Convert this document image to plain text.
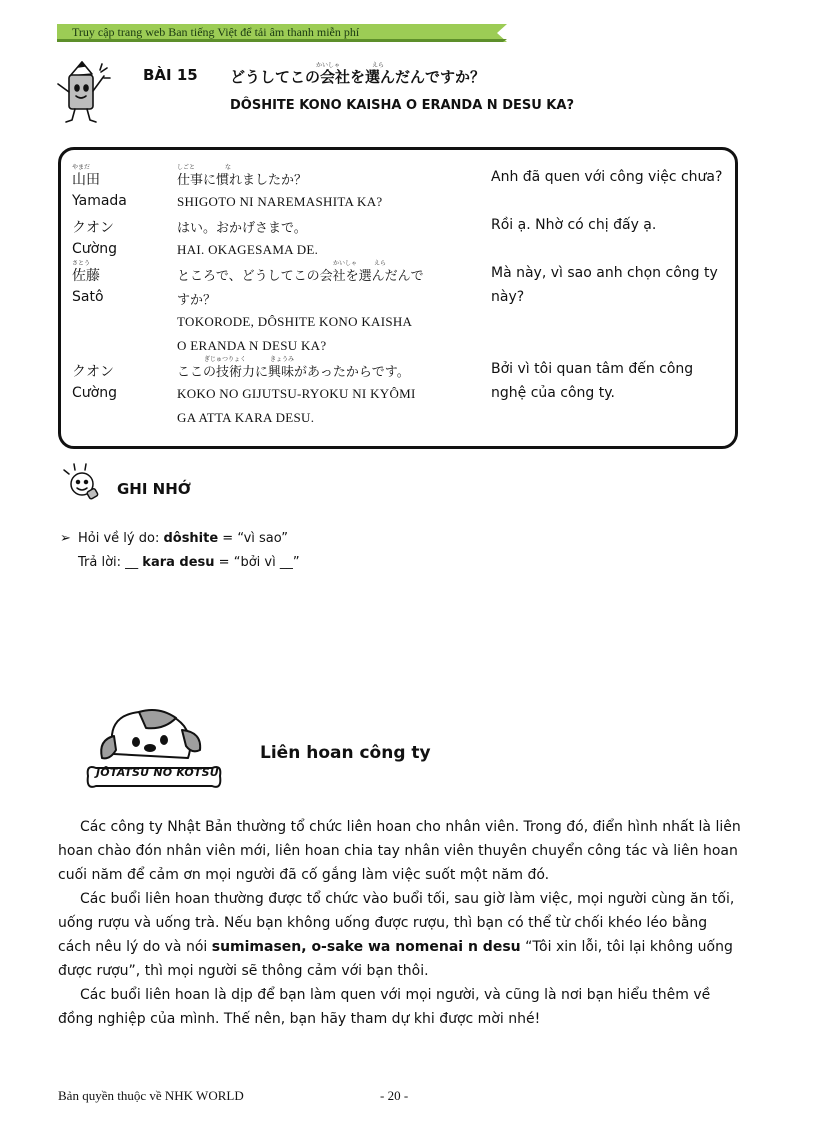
Truy cập trang web Ban tiếng Việt để tải âm thanh miễn phí
BÀI 15
かいしゃ	えら
どうしてこの会社を選んだんですか？
DÔSHITE KONO KAISHA O ERANDA N DESU KA?
やまだ	しごと	な
山田	仕事に慣れましたか？	Anh đã quen với công việc chưa?
Yamada	SHIGOTO NI NAREMASHITA KA?
クオン	はい。おかげさまで。	Rồi ạ. Nhờ có chị đấy ạ.
Cường	HAI. OKAGESAMA DE.
さとう	かいしゃ	えら
佐藤	ところで、どうしてこの会社を選んだんで	Mà này, vì sao anh chọn công ty
Satô	すか？	này?
TOKORODE, DÔSHITE KONO KAISHA
O ERANDA N DESU KA?
ぎじゅつりょく	きょうみ
クオン	ここの技術力に興味があったからです。	Bởi vì tôi quan tâm đến công
Cường	KOKO NO GIJUTSU-RYOKU NI KYÔMI	nghệ của công ty.
GA ATTA KARA DESU.
GHI NHỚ
➢ Hỏi về lý do: dôshite = “vì sao”
Trả lời: __ kara desu = “bởi vì __”
JÔTATSU NO KOTSU
Liên hoan công ty
Các công ty Nhật Bản thường tổ chức liên hoan cho nhân viên. Trong đó, điển hình nhất là liên
hoan chào đón nhân viên mới, liên hoan chia tay nhân viên thuyên chuyển công tác và liên hoan
cuối năm để cảm ơn mọi người đã cố gắng làm việc suốt một năm đó.
Các buổi liên hoan thường được tổ chức vào buổi tối, sau giờ làm việc, mọi người cùng ăn tối,
uống rượu và uống trà. Nếu bạn không uống được rượu, thì bạn có thể từ chối khéo léo bằng
cách nêu lý do và nói sumimasen, o-sake wa nomenai n desu “Tôi xin lỗi, tôi lại không uống
được rượu”, thì mọi người sẽ thông cảm với bạn thôi.
Các buổi liên hoan là dịp để bạn làm quen với mọi người, và cũng là nơi bạn hiểu thêm về
đồng nghiệp của mình. Thế nên, bạn hãy tham dự khi được mời nhé!
Bản quyền thuộc về NHK WORLD	- 20 -
